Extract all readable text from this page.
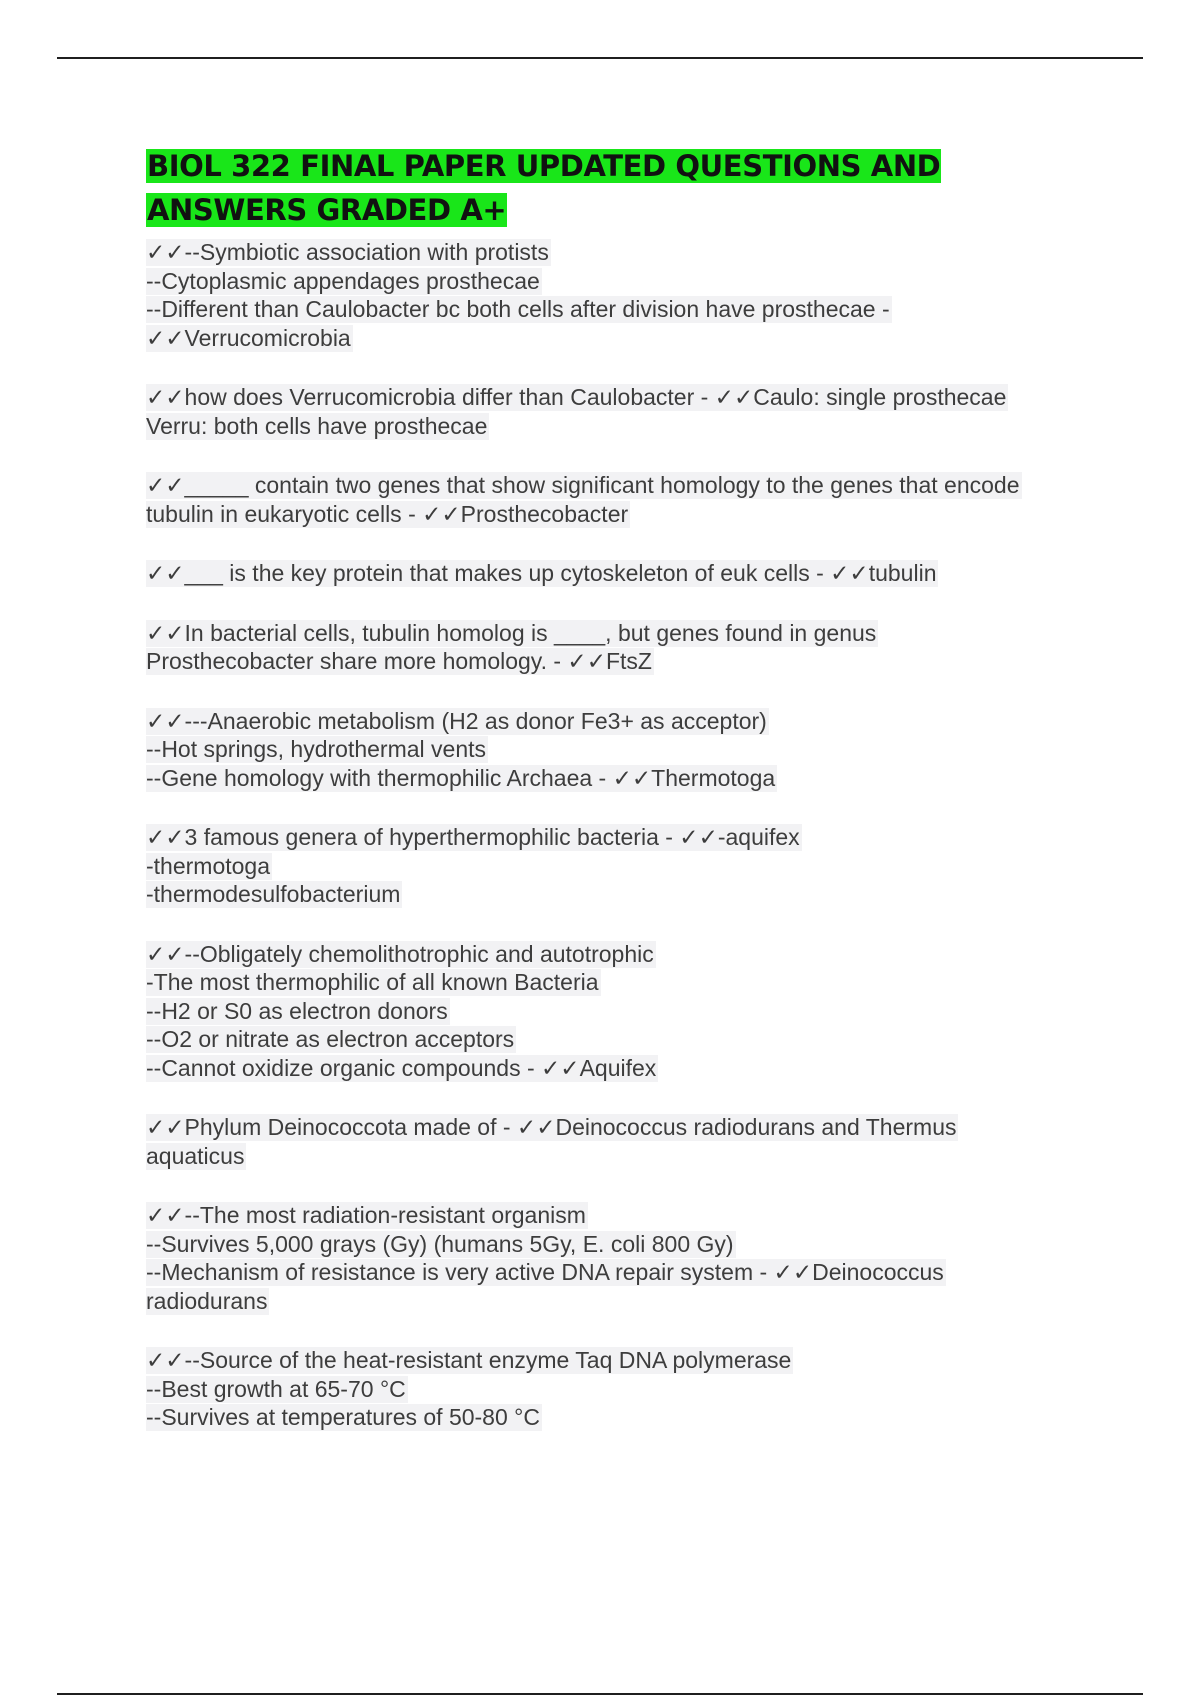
BIOL 322 FINAL PAPER UPDATED QUESTIONS AND
ANSWERS GRADED A+
✓✓--Symbiotic association with protists
--Cytoplasmic appendages prosthecae
--Different than Caulobacter bc both cells after division have prosthecae -
✓✓Verrucomicrobia
✓✓how does Verrucomicrobia differ than Caulobacter - ✓✓Caulo: single prosthecae
Verru: both cells have prosthecae
✓✓_____ contain two genes that show significant homology to the genes that encode
tubulin in eukaryotic cells - ✓✓Prosthecobacter
✓✓___ is the key protein that makes up cytoskeleton of euk cells - ✓✓tubulin
✓✓In bacterial cells, tubulin homolog is ____, but genes found in genus
Prosthecobacter share more homology. - ✓✓FtsZ
✓✓---Anaerobic metabolism (H2 as donor Fe3+ as acceptor)
--Hot springs, hydrothermal vents
--Gene homology with thermophilic Archaea - ✓✓Thermotoga
✓✓3 famous genera of hyperthermophilic bacteria - ✓✓-aquifex
-thermotoga
-thermodesulfobacterium
✓✓--Obligately chemolithotrophic and autotrophic
-The most thermophilic of all known Bacteria
--H2 or S0 as electron donors
--O2 or nitrate as electron acceptors
--Cannot oxidize organic compounds - ✓✓Aquifex
✓✓Phylum Deinococcota made of - ✓✓Deinococcus radiodurans and Thermus
aquaticus
✓✓--The most radiation-resistant organism
--Survives 5,000 grays (Gy) (humans 5Gy, E. coli 800 Gy)
--Mechanism of resistance is very active DNA repair system - ✓✓Deinococcus
radiodurans
✓✓--Source of the heat-resistant enzyme Taq DNA polymerase
--Best growth at 65-70 °C
--Survives at temperatures of 50-80 °C
